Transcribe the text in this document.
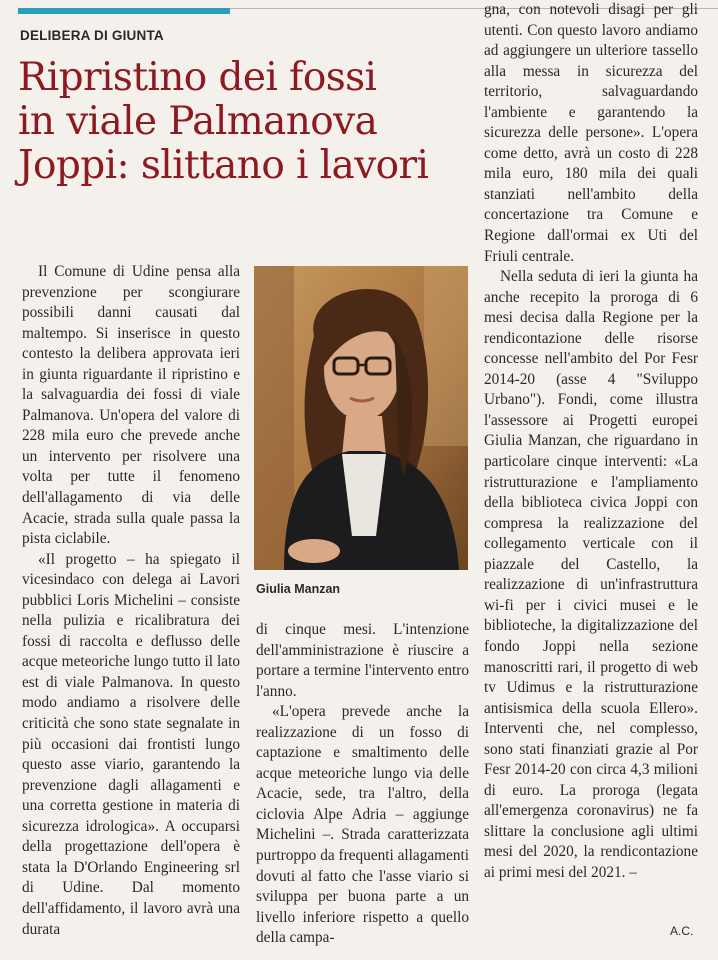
DELIBERA DI GIUNTA
Ripristino dei fossi
in viale Palmanova
Joppi: slittano i lavori

Il Comune di Udine pensa alla prevenzione per scongiurare possibili danni causati dal maltempo. Si inserisce in questo contesto la delibera approvata ieri in giunta riguardante il ripristino e la salvaguardia dei fossi di viale Palmanova. Un'opera del valore di 228 mila euro che prevede anche un intervento per risolvere una volta per tutte il fenomeno dell'allagamento di via delle Acacie, strada sulla quale passa la pista ciclabile.

«Il progetto – ha spiegato il vicesindaco con delega ai Lavori pubblici Loris Michelini – consiste nella pulizia e ricalibratura dei fossi di raccolta e deflusso delle acque meteoriche lungo tutto il lato est di viale Palmanova. In questo modo andiamo a risolvere delle criticità che sono state segnalate in più occasioni dai frontisti lungo questo asse viario, garantendo la prevenzione dagli allagamenti e una corretta gestione in materia di sicurezza idrologica». A occuparsi della progettazione dell'opera è stata la D'Orlando Engineering srl di Udine. Dal momento dell'affidamento, il lavoro avrà una durata

Giulia Manzan

di cinque mesi. L'intenzione dell'amministrazione è riuscire a portare a termine l'intervento entro l'anno.

«L'opera prevede anche la realizzazione di un fosso di captazione e smaltimento delle acque meteoriche lungo via delle Acacie, sede, tra l'altro, della ciclovia Alpe Adria – aggiunge Michelini –. Strada caratterizzata purtroppo da frequenti allagamenti dovuti al fatto che l'asse viario si sviluppa per buona parte a un livello inferiore rispetto a quello della campa-

gna, con notevoli disagi per gli utenti. Con questo lavoro andiamo ad aggiungere un ulteriore tassello alla messa in sicurezza del territorio, salvaguardando l'ambiente e garantendo la sicurezza delle persone». L'opera come detto, avrà un costo di 228 mila euro, 180 mila dei quali stanziati nell'ambito della concertazione tra Comune e Regione dall'ormai ex Uti del Friuli centrale.

Nella seduta di ieri la giunta ha anche recepito la proroga di 6 mesi decisa dalla Regione per la rendicontazione delle risorse concesse nell'ambito del Por Fesr 2014-20 (asse 4 "Sviluppo Urbano"). Fondi, come illustra l'assessore ai Progetti europei Giulia Manzan, che riguardano in particolare cinque interventi: «La ristrutturazione e l'ampliamento della biblioteca civica Joppi con compresa la realizzazione del collegamento verticale con il piazzale del Castello, la realizzazione di un'infrastruttura wi-fi per i civici musei e le biblioteche, la digitalizzazione del fondo Joppi nella sezione manoscritti rari, il progetto di web tv Udimus e la ristrutturazione antisismica della scuola Ellero». Interventi che, nel complesso, sono stati finanziati grazie al Por Fesr 2014-20 con circa 4,3 milioni di euro. La proroga (legata all'emergenza coronavirus) ne fa slittare la conclusione agli ultimi mesi del 2020, la rendicontazione ai primi mesi del 2021. –

A.C.
